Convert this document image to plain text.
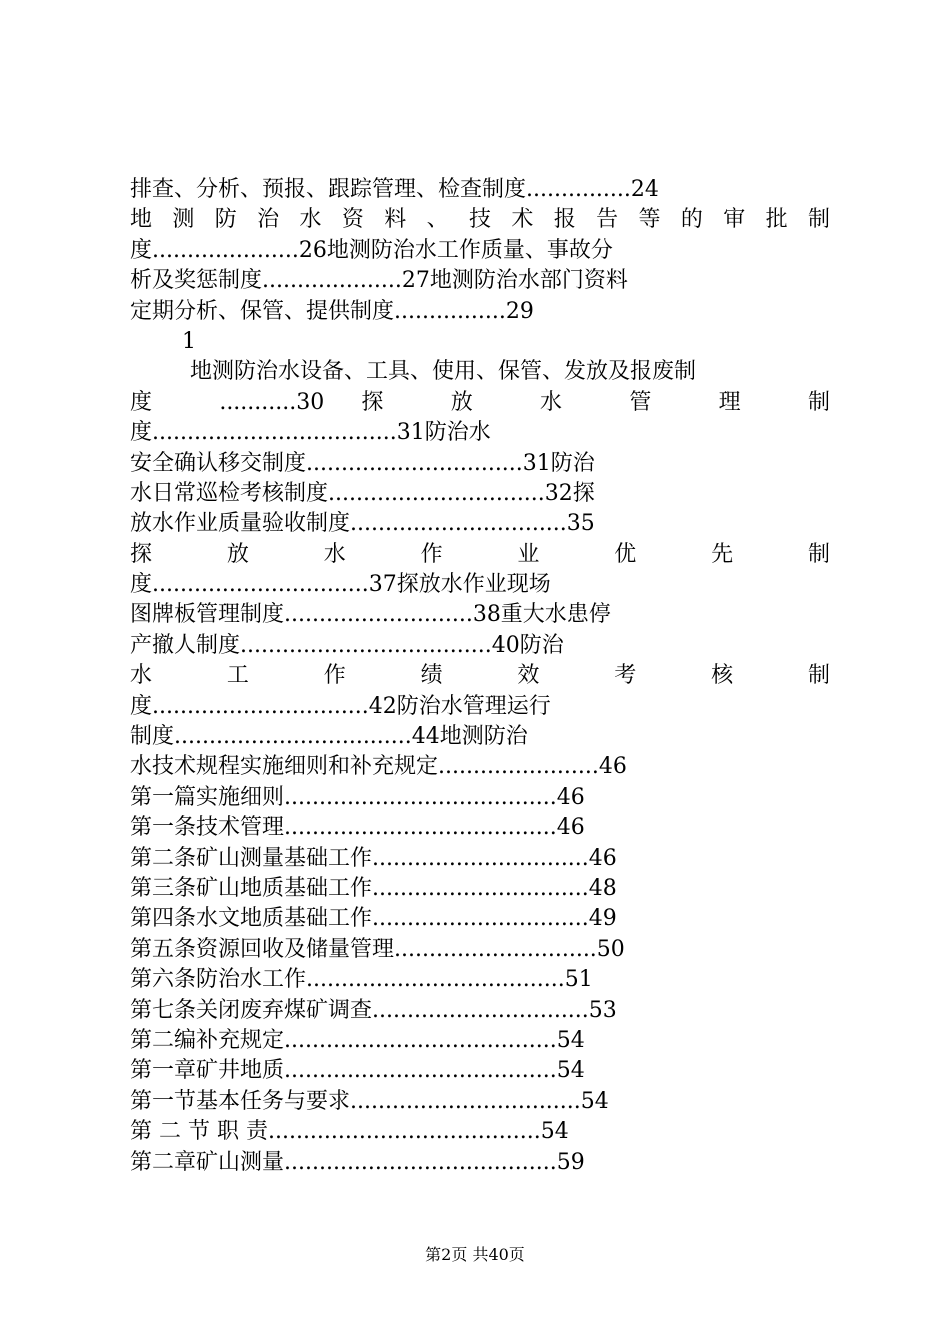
排查、分析、预报、跟踪管理、检查制度...............24
地 测 防 治 水 资 料 、 技 术 报 告 等 的 审 批 制
度.....................26地测防治水工作质量、事故分
析及奖惩制度....................27地测防治水部门资料
定期分析、保管、提供制度................29
1
地测防治水设备、工具、使用、保管、发放及报废制
度 ...........30 探 放 水 管 理 制
度...................................31防治水
安全确认移交制度...............................31防治
水日常巡检考核制度...............................32探
放水作业质量验收制度...............................35
探 放 水 作 业 优 先 制
度...............................37探放水作业现场
图牌板管理制度...........................38重大水患停
产撤人制度....................................40防治
水 工 作 绩 效 考 核 制
度...............................42防治水管理运行
制度..................................44地测防治
水技术规程实施细则和补充规定.......................46
第一篇实施细则.......................................46
第一条技术管理.......................................46
第二条矿山测量基础工作...............................46
第三条矿山地质基础工作...............................48
第四条水文地质基础工作...............................49
第五条资源回收及储量管理.............................50
第六条防治水工作.....................................51
第七条关闭废弃煤矿调查...............................53
第二编补充规定.......................................54
第一章矿井地质.......................................54
第一节基本任务与要求.................................54
第 二 节 职 责.......................................54
第二章矿山测量.......................................59
第2页 共40页
